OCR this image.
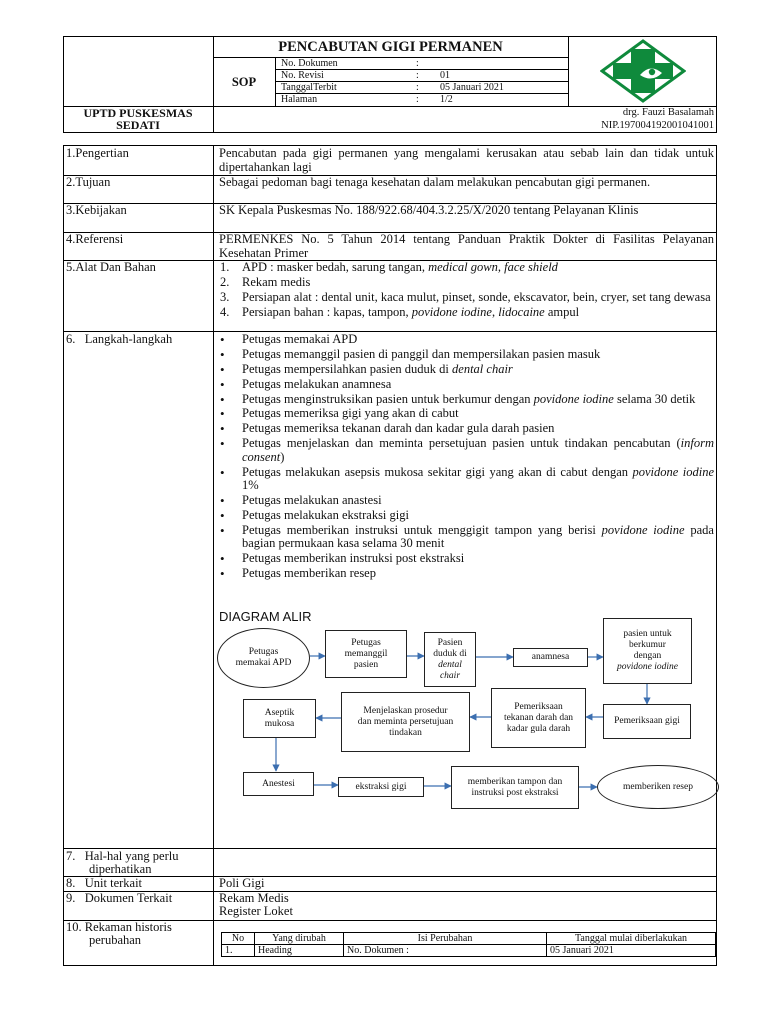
PENCABUTAN GIGI PERMANEN
SOP
No. Dokumen	:
No. Revisi	: 01
TanggalTerbit	: 05 Januari 2021
Halaman	: 1/2
UPTD PUSKESMAS
SEDATI
drg. Fauzi Basalamah
NIP.197004192001041001
1.Pengertian	Pencabutan pada gigi permanen yang mengalami kerusakan atau sebab lain dan tidak untuk dipertahankan lagi
2.Tujuan	Sebagai pedoman bagi tenaga kesehatan dalam melakukan pencabutan gigi permanen.
3.Kebijakan	SK Kepala Puskesmas No. 188/922.68/404.3.2.25/X/2020 tentang Pelayanan Klinis
4.Referensi	PERMENKES No. 5 Tahun 2014 tentang Panduan Praktik Dokter di Fasilitas Pelayanan Kesehatan Primer
5.Alat Dan Bahan	1. APD : masker bedah, sarung tangan, medical gown, face shield
2. Rekam medis
3. Persiapan alat : dental unit, kaca mulut, pinset, sonde, ekscavator, bein, cryer, set tang dewasa
4. Persiapan bahan : kapas, tampon, povidone iodine, lidocaine ampul
6.   Langkah-langkah	• Petugas memakai APD
• Petugas memanggil pasien di panggil dan mempersilakan pasien masuk
• Petugas mempersilahkan pasien duduk di dental chair
• Petugas melakukan anamnesa
• Petugas menginstruksikan pasien untuk berkumur dengan povidone iodine selama 30 detik
• Petugas memeriksa gigi yang akan di cabut
• Petugas memeriksa tekanan darah dan kadar gula darah pasien
• Petugas menjelaskan dan meminta persetujuan pasien untuk tindakan pencabutan (inform consent)
• Petugas melakukan asepsis mukosa sekitar gigi yang akan di cabut dengan povidone iodine 1%
• Petugas melakukan anastesi
• Petugas melakukan ekstraksi gigi
• Petugas memberikan instruksi untuk menggigit tampon yang berisi povidone iodine pada bagian permukaan kasa selama 30 menit
• Petugas memberikan instruksi post ekstraksi
• Petugas memberikan resep
DIAGRAM ALIR
Petugas memakai APD
Petugas memanggil pasien
Pasien duduk di dental chair
anamnesa
pasien untuk berkumur dengan povidone iodine
Pemeriksaan gigi
Pemeriksaan tekanan darah dan kadar gula darah
Menjelaskan prosedur dan meminta persetujuan tindakan
Aseptik mukosa
Anestesi	ekstraksi gigi	memberikan tampon dan instruksi post ekstraksi
memberiken resep
7.   Hal-hal yang perlu
diperhatikan
8.   Unit terkait	Poli Gigi
9.   Dokumen Terkait	Rekam Medis
Register Loket
10. Rekaman historis
perubahan	No	Yang dirubah	Isi Perubahan	Tanggal mulai diberlakukan
1.	Heading	No. Dokumen :	05 Januari 2021
